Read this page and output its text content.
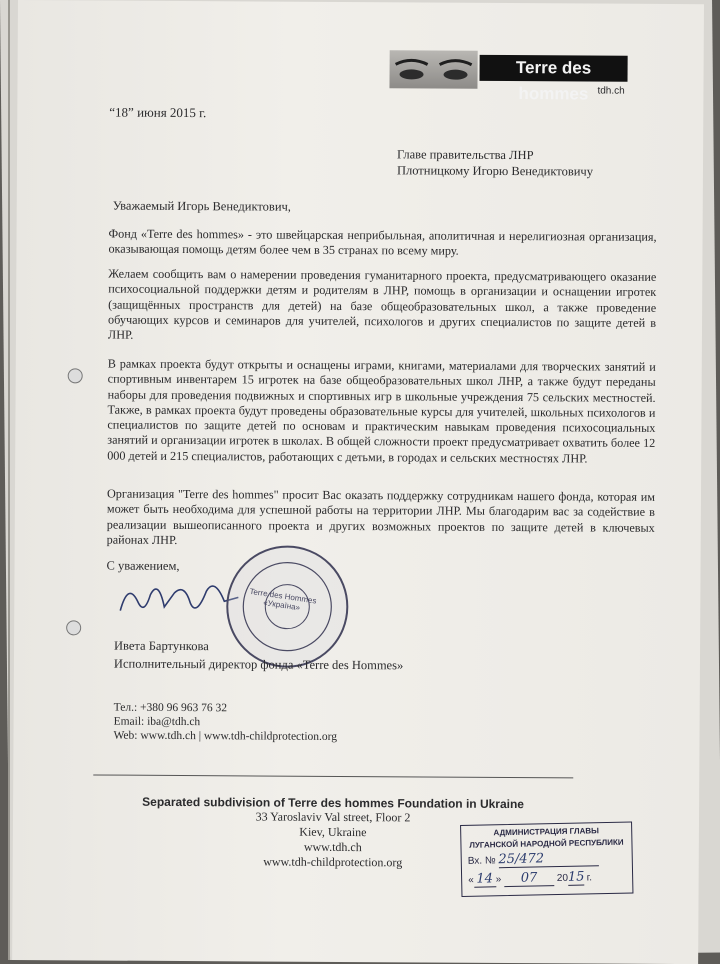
Terre des hommes tdh.ch
“18” июня 2015 г.
Главе правительства ЛНР
Плотницкому Игорю Венедиктовичу
Уважаемый Игорь Венедиктович,
Фонд «Terre des hommes» - это швейцарская неприбыльная, аполитичная и нерелигиозная организация, оказывающая помощь детям более чем в 35 странах по всему миру.
Желаем сообщить вам о намерении проведения гуманитарного проекта, предусматривающего оказание психосоциальной поддержки детям и родителям в ЛНР, помощь в организации и оснащении игротек (защищённых пространств для детей) на базе общеобразовательных школ, а также проведение обучающих курсов и семинаров для учителей, психологов и других специалистов по защите детей в ЛНР.
В рамках проекта будут открыты и оснащены играми, книгами, материалами для творческих занятий и спортивным инвентарем 15 игротек на базе общеобразовательных школ ЛНР, а также будут переданы наборы для проведения подвижных и спортивных игр в школьные учреждения 75 сельских местностей. Также, в рамках проекта будут проведены образовательные курсы для учителей, школьных психологов и специалистов по защите детей по основам и практическим навыкам проведения психосоциальных занятий и организации игротек в школах. В общей сложности проект предусматривает охватить более 12 000 детей и 215 специалистов, работающих с детьми, в городах и сельских местностях ЛНР.
Организация "Terre des hommes" просит Вас оказать поддержку сотрудникам нашего фонда, которая им может быть необходима для успешной работы на территории ЛНР. Мы благодарим вас за содействие в реализации вышеописанного проекта и других возможных проектов по защите детей в ключевых районах ЛНР.
С уважением,
Terre des Hommes «Україна»
Ивета Бартункова
Исполнительный директор фонда «Terre des Hommes»
Тел.: +380 96 963 76 32
Email: iba@tdh.ch
Web: www.tdh.ch | www.tdh-childprotection.org
Separated subdivision of Terre des hommes Foundation in Ukraine
33 Yaroslaviv Val street, Floor 2
Kiev, Ukraine
www.tdh.ch
www.tdh-childprotection.org
АДМИНИСТРАЦИЯ ГЛАВЫ
ЛУГАНСКОЙ НАРОДНОЙ РЕСПУБЛИКИ
Вх. № 25/472
« 14 » 07 2015 г.
